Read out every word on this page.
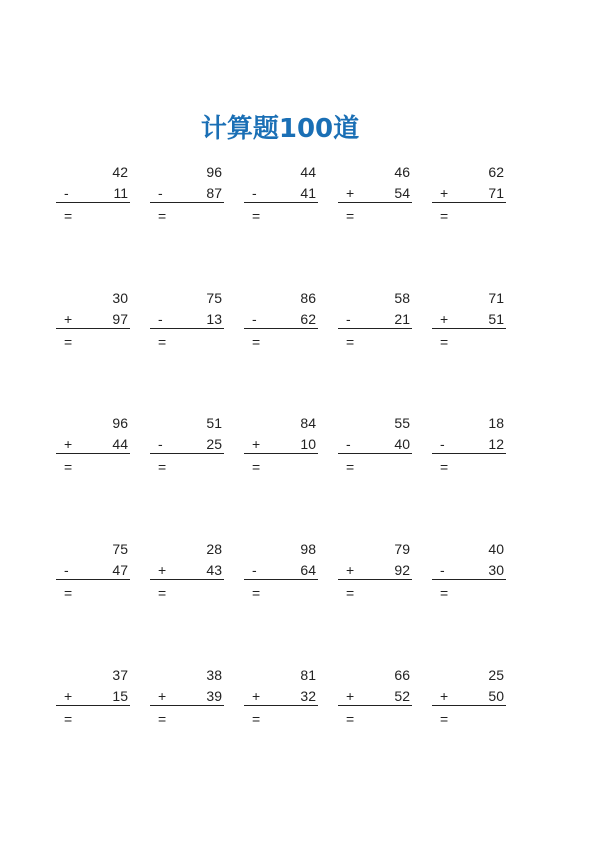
计算题100道
42
-	11
=
96
-	87
=
44
-	41
=
46
+	54
=
62
+	71
=
30
+	97
=
75
-	13
=
86
-	62
=
58
-	21
=
71
+	51
=
96
+	44
=
51
-	25
=
84
+	10
=
55
-	40
=
18
-	12
=
75
-	47
=
28
+	43
=
98
-	64
=
79
+	92
=
40
-	30
=
37
+	15
=
38
+	39
=
81
+	32
=
66
+	52
=
25
+	50
=
